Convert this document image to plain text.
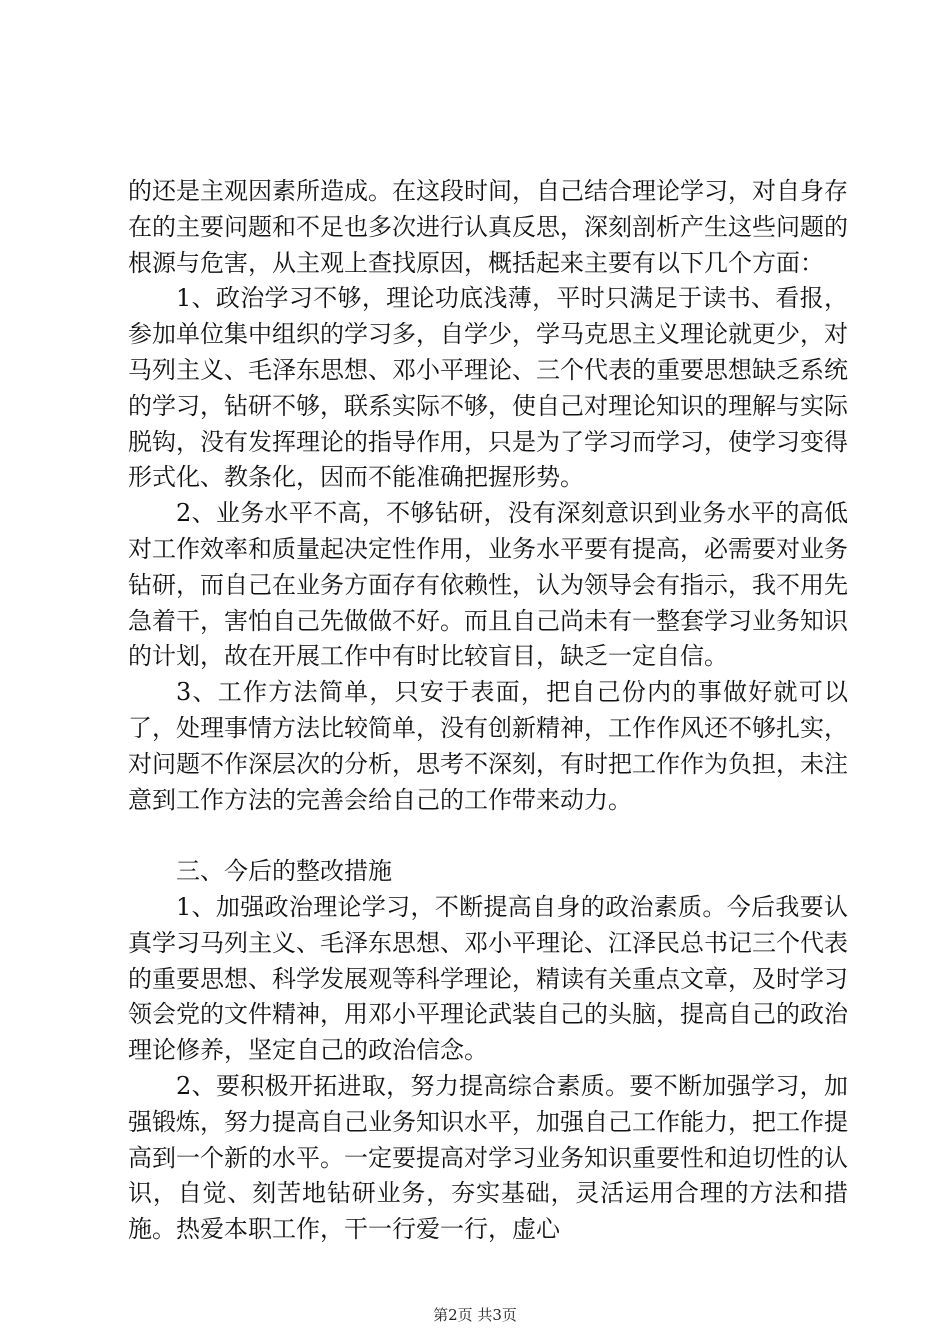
的还是主观因素所造成。在这段时间，自己结合理论学习，对自身存在的主要问题和不足也多次进行认真反思，深刻剖析产生这些问题的根源与危害，从主观上查找原因，概括起来主要有以下几个方面：

1、政治学习不够，理论功底浅薄，平时只满足于读书、看报，参加单位集中组织的学习多，自学少，学马克思主义理论就更少，对马列主义、毛泽东思想、邓小平理论、三个代表的重要思想缺乏系统的学习，钻研不够，联系实际不够，使自己对理论知识的理解与实际脱钩，没有发挥理论的指导作用，只是为了学习而学习，使学习变得形式化、教条化，因而不能准确把握形势。

2、业务水平不高，不够钻研，没有深刻意识到业务水平的高低对工作效率和质量起决定性作用，业务水平要有提高，必需要对业务钻研，而自己在业务方面存有依赖性，认为领导会有指示，我不用先急着干，害怕自己先做做不好。而且自己尚未有一整套学习业务知识的计划，故在开展工作中有时比较盲目，缺乏一定自信。

3、工作方法简单，只安于表面，把自己份内的事做好就可以了，处理事情方法比较简单，没有创新精神，工作作风还不够扎实，对问题不作深层次的分析，思考不深刻，有时把工作作为负担，未注意到工作方法的完善会给自己的工作带来动力。

三、今后的整改措施

1、加强政治理论学习，不断提高自身的政治素质。今后我要认真学习马列主义、毛泽东思想、邓小平理论、江泽民总书记三个代表的重要思想、科学发展观等科学理论，精读有关重点文章，及时学习领会党的文件精神，用邓小平理论武装自己的头脑，提高自己的政治理论修养，坚定自己的政治信念。

2、要积极开拓进取，努力提高综合素质。要不断加强学习，加强锻炼，努力提高自己业务知识水平，加强自己工作能力，把工作提高到一个新的水平。一定要提高对学习业务知识重要性和迫切性的认识，自觉、刻苦地钻研业务，夯实基础，灵活运用合理的方法和措施。热爱本职工作，干一行爱一行，虚心

第2页 共3页
